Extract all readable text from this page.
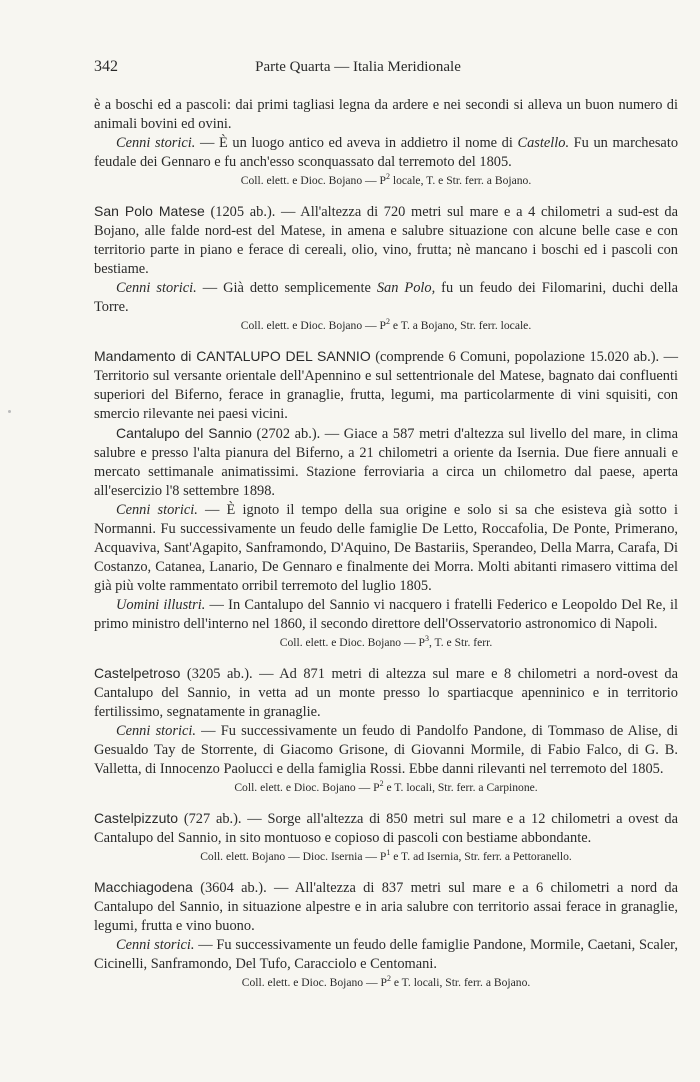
342	Parte Quarta — Italia Meridionale

è a boschi ed a pascoli: dai primi tagliasi legna da ardere e nei secondi si alleva un buon numero di animali bovini ed ovini.

Cenni storici. — È un luogo antico ed aveva in addietro il nome di Castello. Fu un marchesato feudale dei Gennaro e fu anch'esso sconquassato dal terremoto del 1805.

Coll. elett. e Dioc. Bojano — $P^2$ locale, T. e Str. ferr. a Bojano.

San Polo Matese (1205 ab.). — All'altezza di 720 metri sul mare e a 4 chilometri a sud-est da Bojano, alle falde nord-est del Matese, in amena e salubre situazione con alcune belle case e con territorio parte in piano e ferace di cereali, olio, vino, frutta; nè mancano i boschi ed i pascoli con bestiame.

Cenni storici. — Già detto semplicemente San Polo, fu un feudo dei Filomarini, duchi della Torre.

Coll. elett. e Dioc. Bojano — $P^2$ e T. a Bojano, Str. ferr. locale.

Mandamento di CANTALUPO DEL SANNIO (comprende 6 Comuni, popolazione 15.020 ab.). — Territorio sul versante orientale dell'Apennino e sul settentrionale del Matese, bagnato dai confluenti superiori del Biferno, ferace in granaglie, frutta, legumi, ma particolarmente di vini squisiti, con smercio rilevante nei paesi vicini.

Cantalupo del Sannio (2702 ab.). — Giace a 587 metri d'altezza sul livello del mare, in clima salubre e presso l'alta pianura del Biferno, a 21 chilometri a oriente da Isernia. Due fiere annuali e mercato settimanale animatissimi. Stazione ferroviaria a circa un chilometro dal paese, aperta all'esercizio l'8 settembre 1898.

Cenni storici. — È ignoto il tempo della sua origine e solo si sa che esisteva già sotto i Normanni. Fu successivamente un feudo delle famiglie De Letto, Roccafolia, De Ponte, Primerano, Acquaviva, Sant'Agapito, Sanframondo, D'Aquino, De Bastariis, Sperandeo, Della Marra, Carafa, Di Costanzo, Catanea, Lanario, De Gennaro e finalmente dei Morra. Molti abitanti rimasero vittima del già più volte rammentato orribil terremoto del luglio 1805.

Uomini illustri. — In Cantalupo del Sannio vi nacquero i fratelli Federico e Leopoldo Del Re, il primo ministro dell'interno nel 1860, il secondo direttore dell'Osservatorio astronomico di Napoli.

Coll. elett. e Dioc. Bojano — $P^3$, T. e Str. ferr.

Castelpetroso (3205 ab.). — Ad 871 metri di altezza sul mare e 8 chilometri a nord-ovest da Cantalupo del Sannio, in vetta ad un monte presso lo spartiacque apenninico e in territorio fertilissimo, segnatamente in granaglie.

Cenni storici. — Fu successivamente un feudo di Pandolfo Pandone, di Tommaso de Alise, di Gesualdo Tay de Storrente, di Giacomo Grisone, di Giovanni Mormile, di Fabio Falco, di G. B. Valletta, di Innocenzo Paolucci e della famiglia Rossi. Ebbe danni rilevanti nel terremoto del 1805.

Coll. elett. e Dioc. Bojano — $P^2$ e T. locali, Str. ferr. a Carpinone.

Castelpizzuto (727 ab.). — Sorge all'altezza di 850 metri sul mare e a 12 chilometri a ovest da Cantalupo del Sannio, in sito montuoso e copioso di pascoli con bestiame abbondante.

Coll. elett. Bojano — Dioc. Isernia — $P^1$ e T. ad Isernia, Str. ferr. a Pettoranello.

Macchiagodena (3604 ab.). — All'altezza di 837 metri sul mare e a 6 chilometri a nord da Cantalupo del Sannio, in situazione alpestre e in aria salubre con territorio assai ferace in granaglie, legumi, frutta e vino buono.

Cenni storici. — Fu successivamente un feudo delle famiglie Pandone, Mormile, Caetani, Scaler, Cicinelli, Sanframondo, Del Tufo, Caracciolo e Centomani.

Coll. elett. e Dioc. Bojano — $P^2$ e T. locali, Str. ferr. a Bojano.
